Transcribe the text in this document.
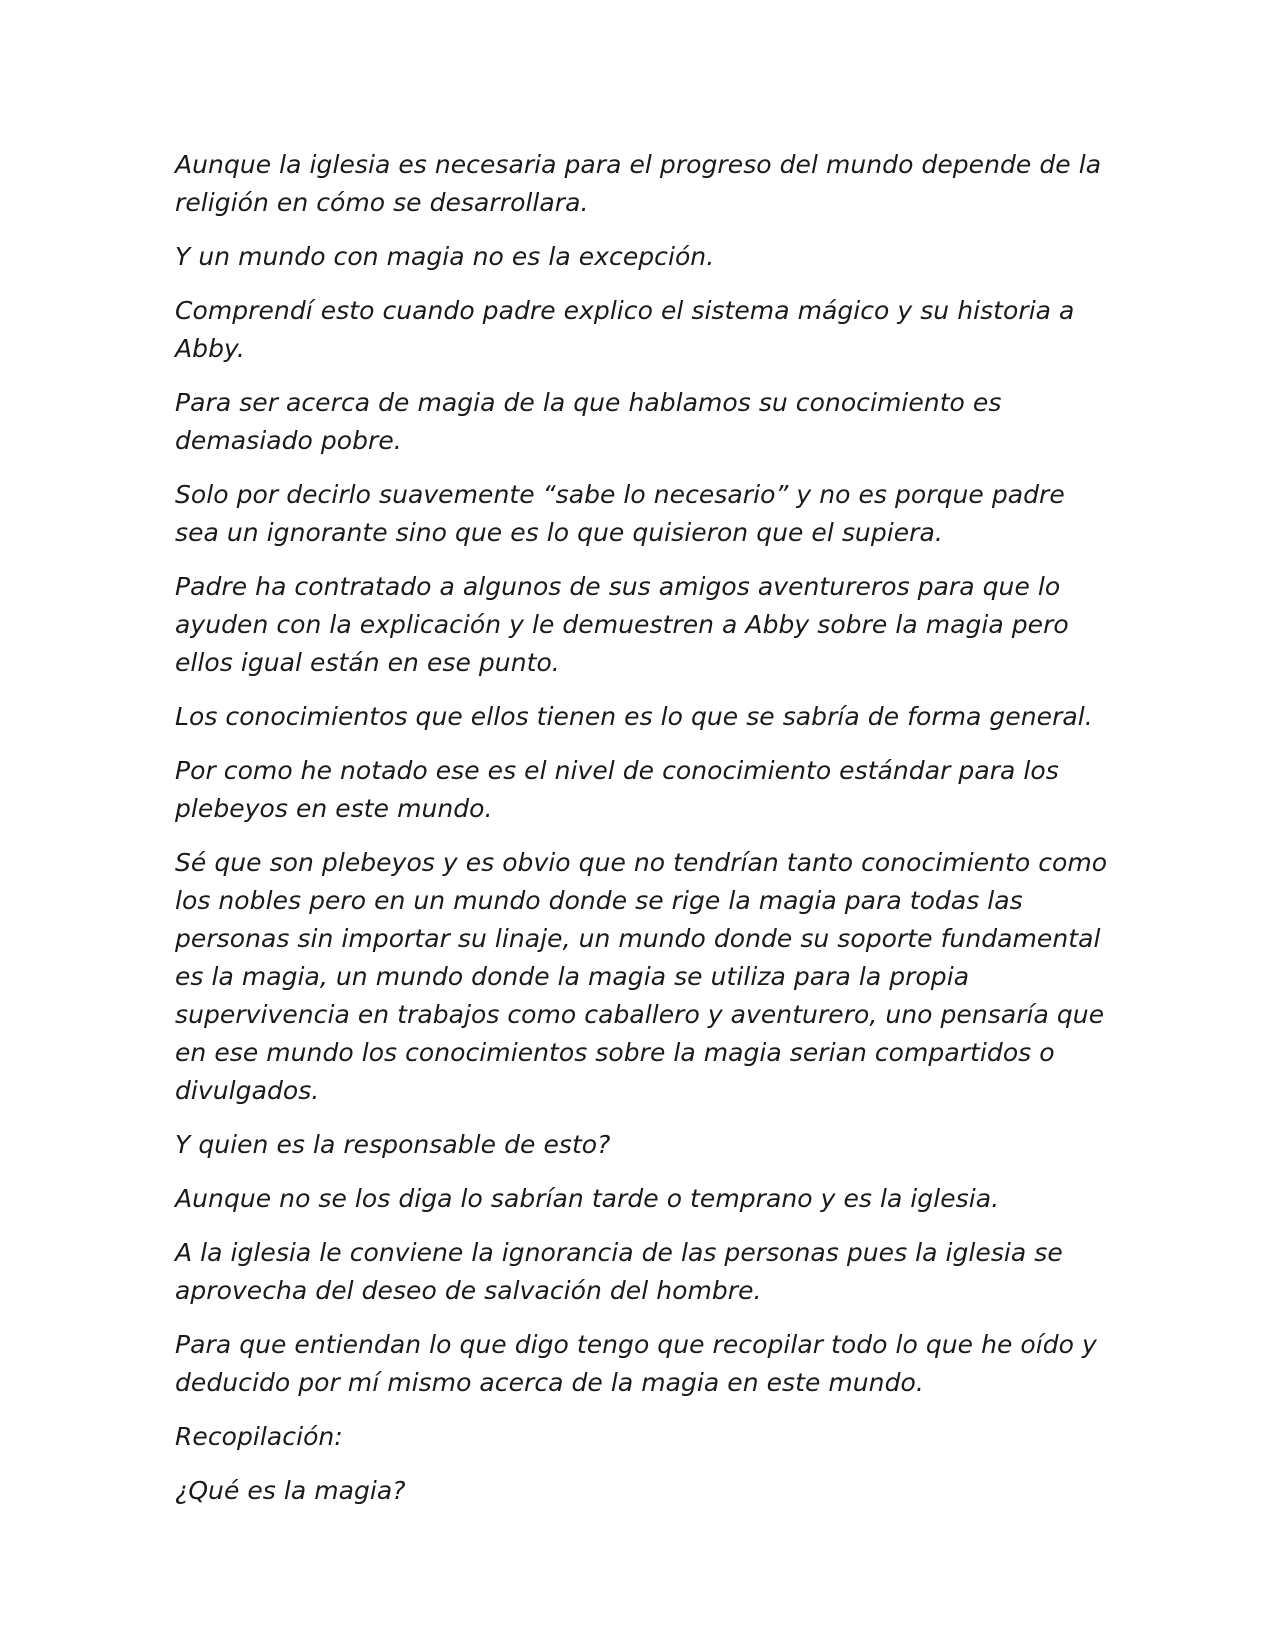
Aunque la iglesia es necesaria para el progreso del mundo depende de la religión en cómo se desarrollara.

Y un mundo con magia no es la excepción.

Comprendí esto cuando padre explico el sistema mágico y su historia a Abby.

Para ser acerca de magia de la que hablamos su conocimiento es demasiado pobre.

Solo por decirlo suavemente “sabe lo necesario” y no es porque padre sea un ignorante sino que es lo que quisieron que el supiera.

Padre ha contratado a algunos de sus amigos aventureros para que lo ayuden con la explicación y le demuestren a Abby sobre la magia pero ellos igual están en ese punto.

Los conocimientos que ellos tienen es lo que se sabría de forma general.

Por como he notado ese es el nivel de conocimiento estándar para los plebeyos en este mundo.

Sé que son plebeyos y es obvio que no tendrían tanto conocimiento como los nobles pero en un mundo donde se rige la magia para todas las personas sin importar su linaje, un mundo donde su soporte fundamental es la magia, un mundo donde la magia se utiliza para la propia supervivencia en trabajos como caballero y aventurero, uno pensaría que en ese mundo los conocimientos sobre la magia serian compartidos o divulgados.

Y quien es la responsable de esto?

Aunque no se los diga lo sabrían tarde o temprano y es la iglesia.

A la iglesia le conviene la ignorancia de las personas pues la iglesia se aprovecha del deseo de salvación del hombre.

Para que entiendan lo que digo tengo que recopilar todo lo que he oído y deducido por mí mismo acerca de la magia en este mundo.

Recopilación:

¿Qué es la magia?
